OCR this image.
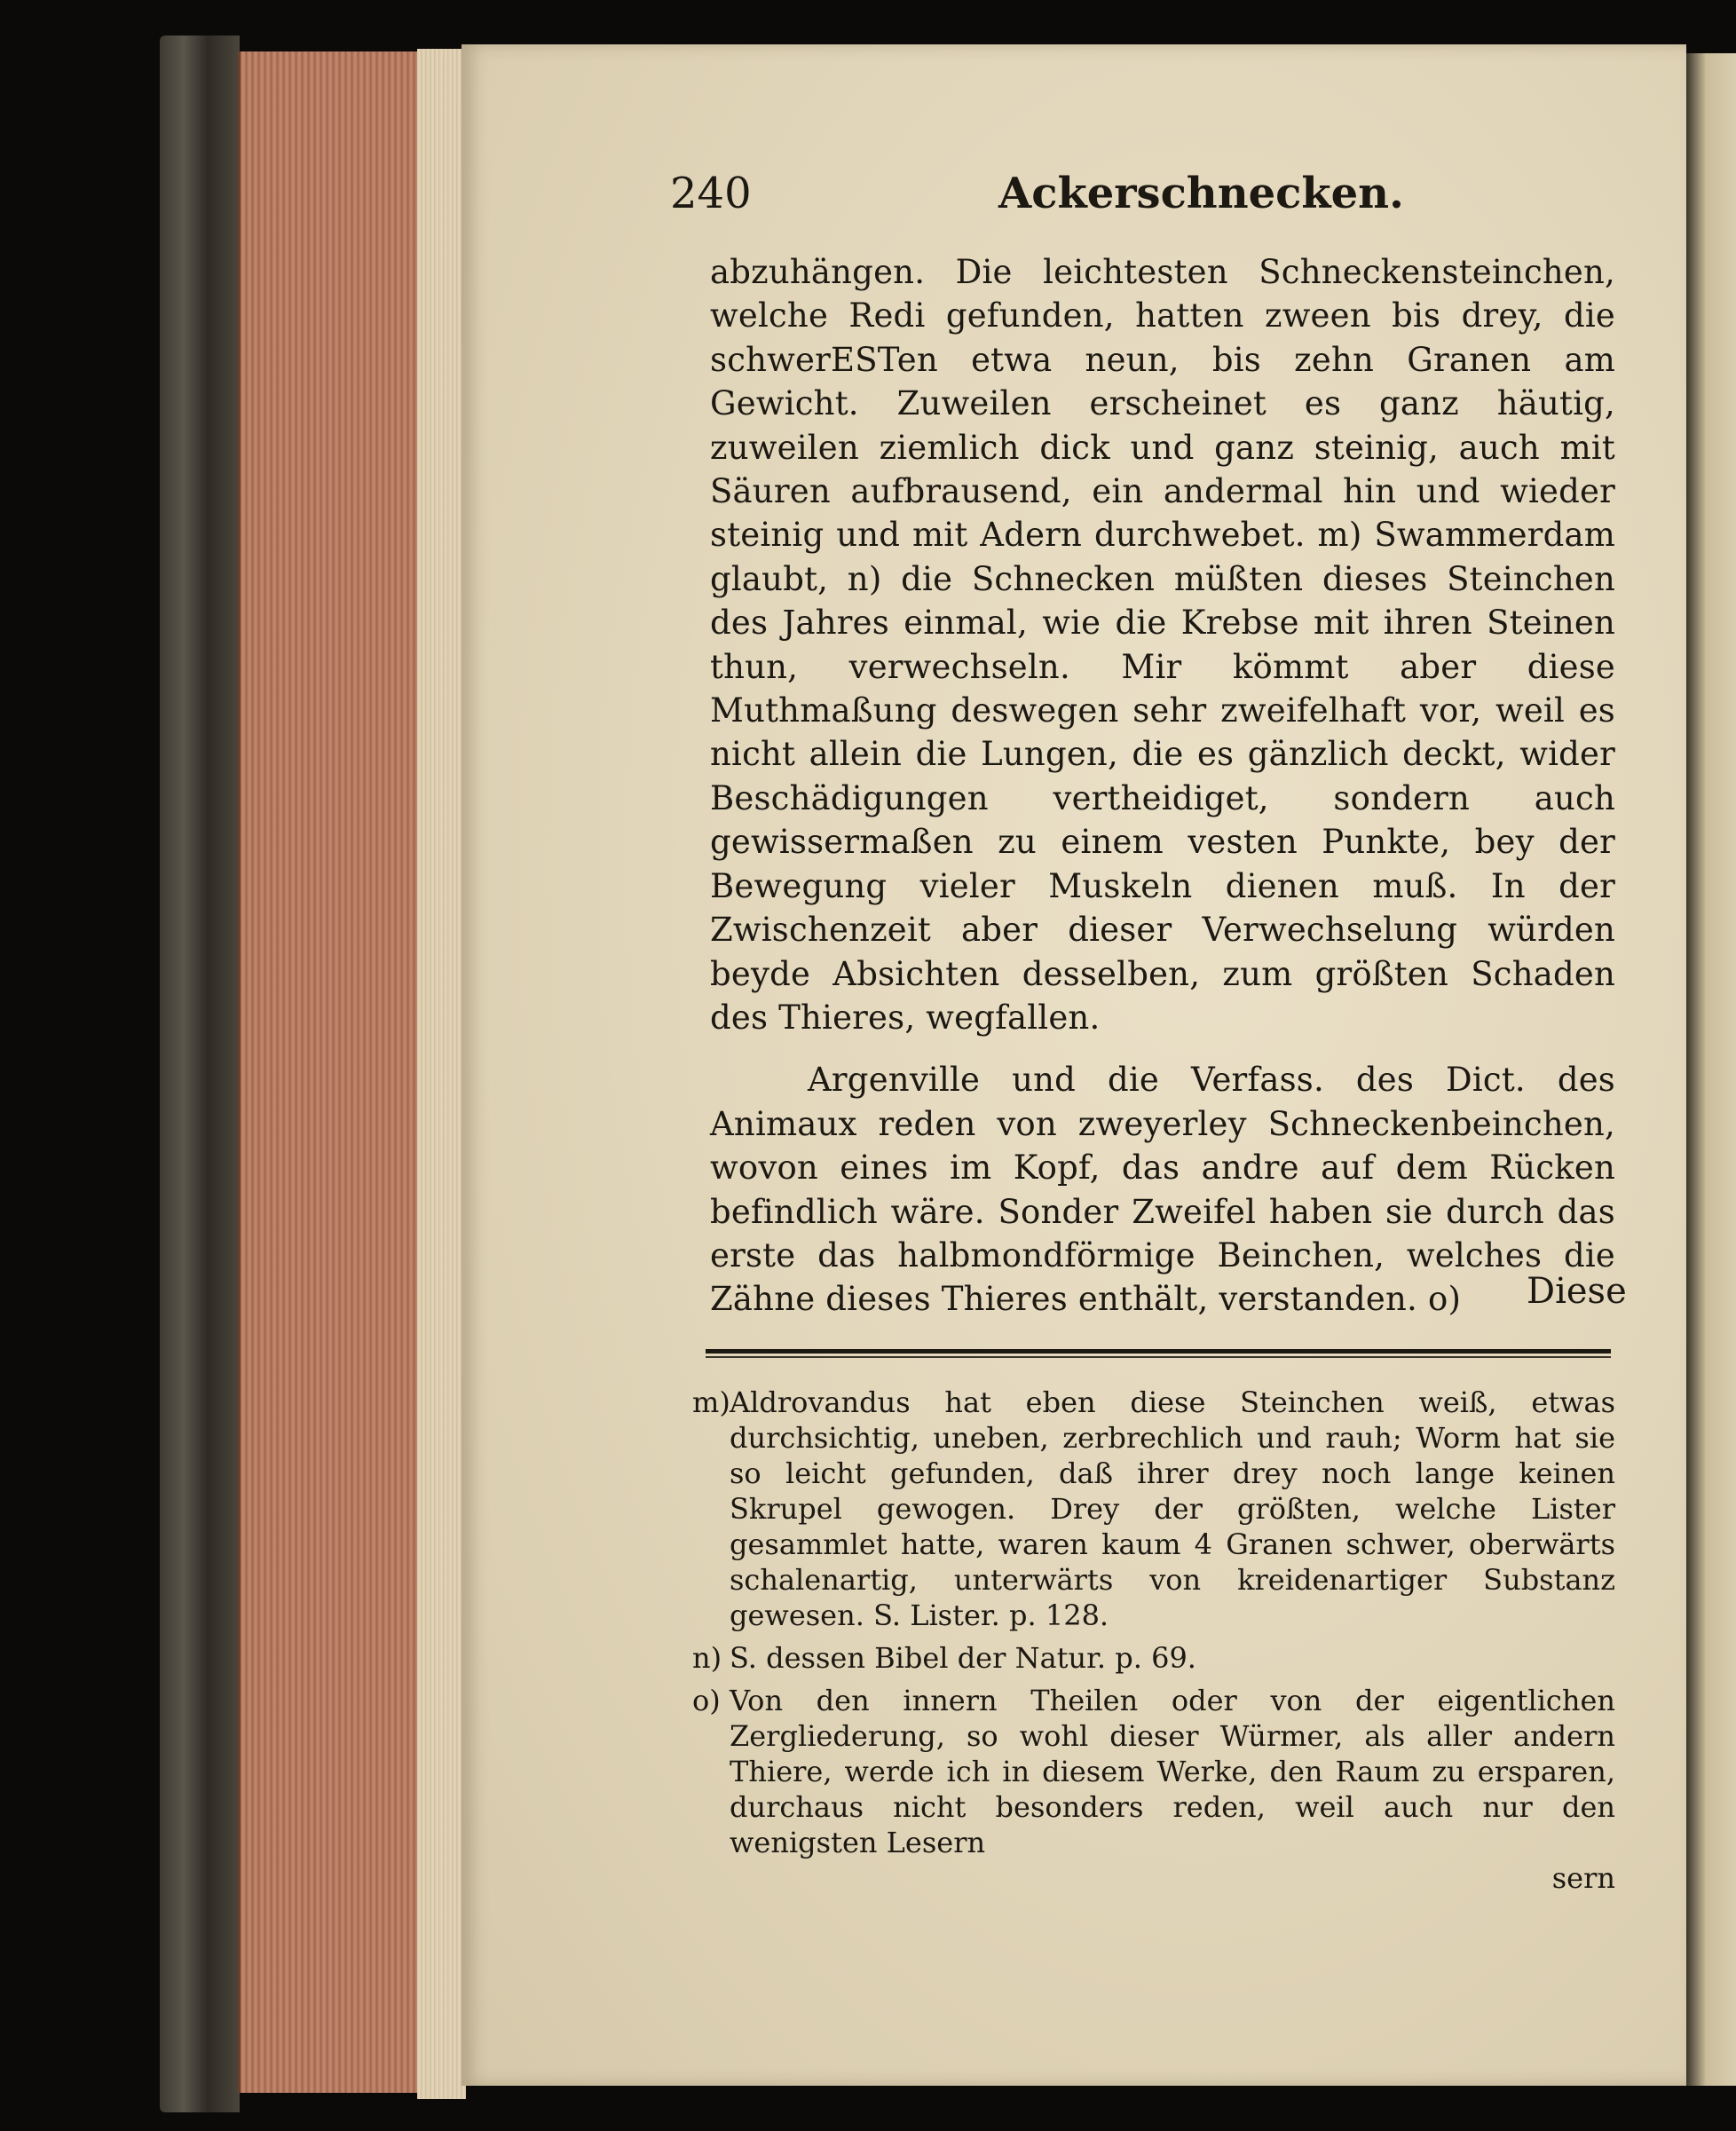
240	Ackerschnecken.

abzuhängen. Die leichtesten Schneckensteinchen, welche Redi gefunden, hatten zween bis drey, die schwerESTen etwa neun, bis zehn Granen am Gewicht. Zuweilen erscheinet es ganz häutig, zuweilen ziemlich dick und ganz steinig, auch mit Säuren aufbrausend, ein andermal hin und wieder steinig und mit Adern durchwebet. m) Swammerdam glaubt, n) die Schnecken müßten dieses Steinchen des Jahres einmal, wie die Krebse mit ihren Steinen thun, verwechseln. Mir kömmt aber diese Muthmaßung deswegen sehr zweifelhaft vor, weil es nicht allein die Lungen, die es gänzlich deckt, wider Beschädigungen vertheidiget, sondern auch gewissermaßen zu einem vesten Punkte, bey der Bewegung vieler Muskeln dienen muß. In der Zwischenzeit aber dieser Verwechselung würden beyde Absichten desselben, zum größten Schaden des Thieres, wegfallen.

Argenville und die Verfass. des Dict. des Animaux reden von zweyerley Schneckenbeinchen, wovon eines im Kopf, das andre auf dem Rücken befindlich wäre. Sonder Zweifel haben sie durch das erste das halbmondförmige Beinchen, welches die Zähne dieses Thieres enthält, verstanden. o)	Diese

m) Aldrovandus hat eben diese Steinchen weiß, etwas durchsichtig, uneben, zerbrechlich und rauh; Worm hat sie so leicht gefunden, daß ihrer drey noch lange keinen Skrupel gewogen. Drey der größten, welche Lister gesammlet hatte, waren kaum 4 Granen schwer, oberwärts schalenartig, unterwärts von kreidenartiger Substanz gewesen. S. Lister. p. 128.

n) S. dessen Bibel der Natur. p. 69.

o) Von den innern Theilen oder von der eigentlichen Zergliederung, so wohl dieser Würmer, als aller andern Thiere, werde ich in diesem Werke, den Raum zu ersparen, durchaus nicht besonders reden, weil auch nur den wenigsten Lesern
sern
